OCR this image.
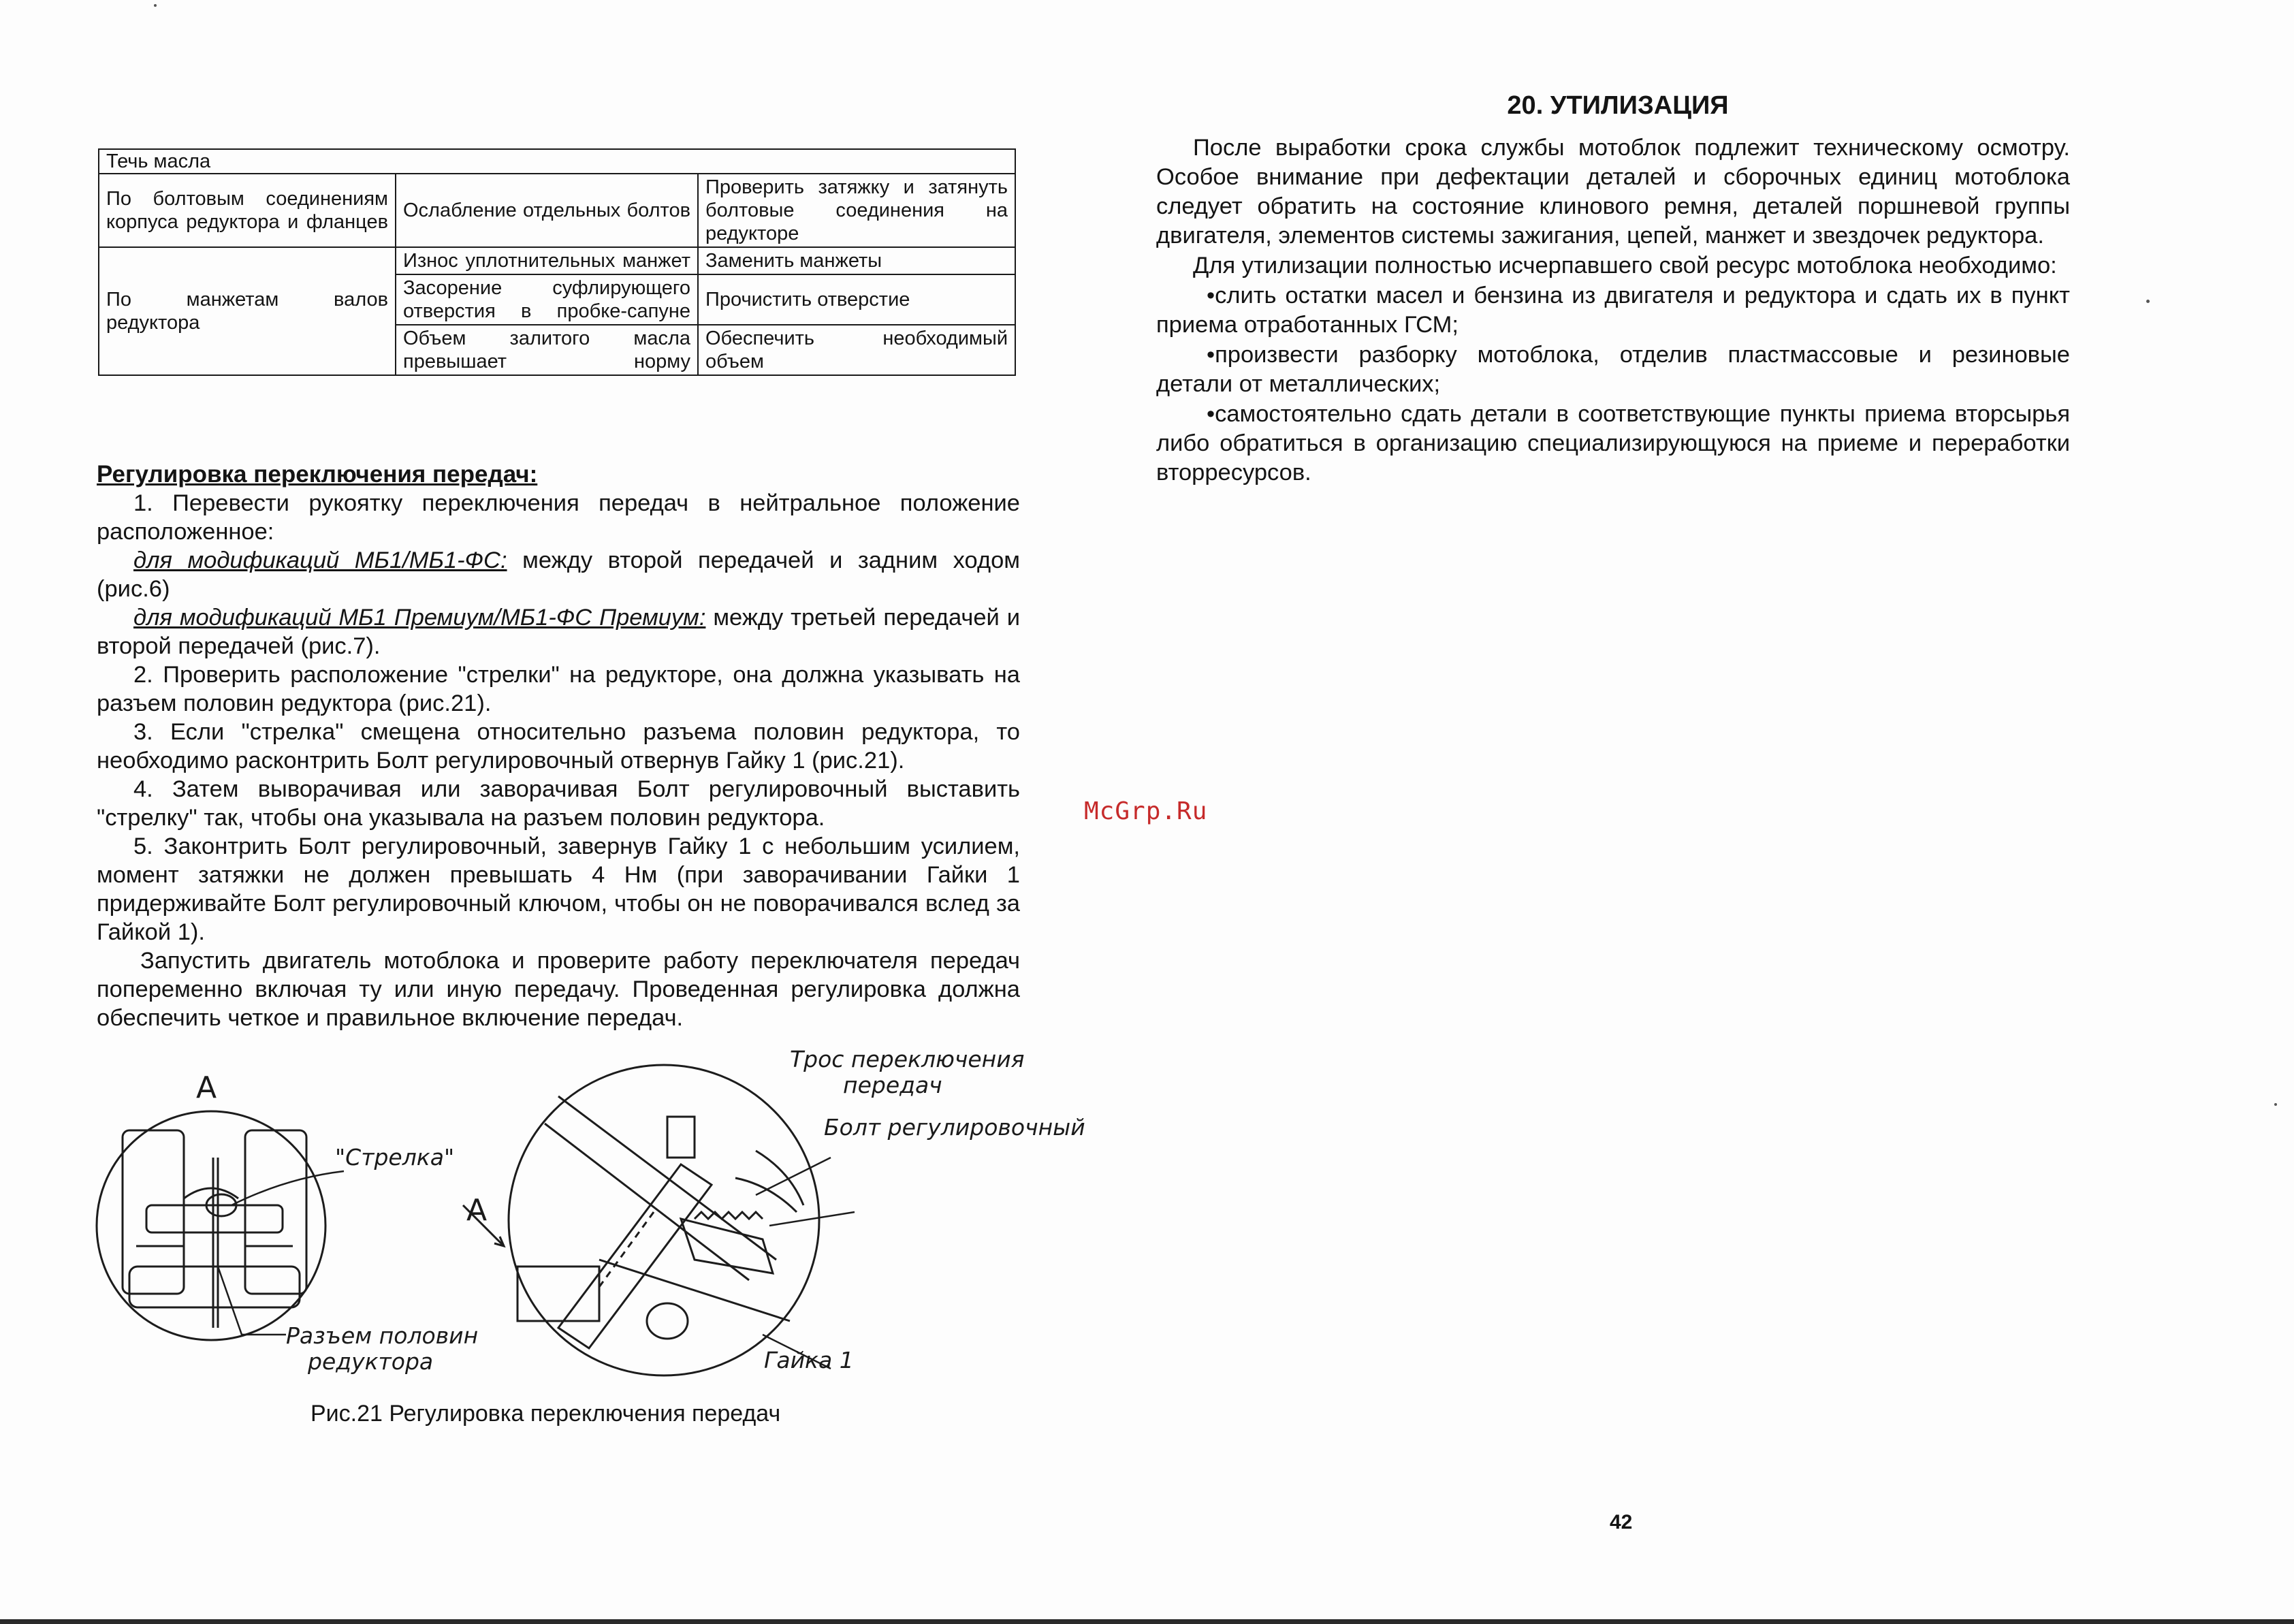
Течь масла		
По болтовым соединениям корпуса редуктора и фланцев	Ослабление отдельных болтов	Проверить затяжку и затянуть болтовые соединения на редукторе
По манжетам валов редуктора	Износ уплотнительных манжет	Заменить манжеты
	Засорение суфлирующего отверстия в пробке-сапуне	Прочистить отверстие
	Объем залитого масла превышает норму	Обеспечить необходимый объем
Регулировка переключения передач:

1. Перевести рукоятку переключения передач в нейтральное положение расположенное:

для модификаций МБ1/МБ1-ФС: между второй передачей и задним ходом (рис.6)

для модификаций МБ1 Премиум/МБ1-ФС Премиум: между третьей передачей и второй передачей (рис.7).

2. Проверить расположение "стрелки" на редукторе, она должна указывать на разъем половин редуктора (рис.21).

3. Если "стрелка" смещена относительно разъема половин редуктора, то необходимо расконтрить Болт регулировочный отвернув Гайку 1 (рис.21).

4. Затем выворачивая или заворачивая Болт регулировочный выставить "стрелку" так, чтобы она указывала на разъем половин редуктора.

5. Законтрить Болт регулировочный, завернув Гайку 1 с небольшим усилием, момент затяжки не должен превышать 4 Нм (при заворачивании Гайки 1 придерживайте Болт регулировочный ключом, чтобы он не поворачивался вслед за Гайкой 1).

Запустить двигатель мотоблока и проверите работу переключателя передач попеременно включая ту или иную передачу. Проведенная регулировка должна обеспечить четкое и правильное включение передач.

А
А
"Стрелка"
Разъем половин
редуктора
Трос переключения
передач
Болт регулировочный
Гайка 1
Рис.21 Регулировка переключения передач
20. УТИЛИЗАЦИЯ

После выработки срока службы мотоблок подлежит техническому осмотру. Особое внимание при дефектации деталей и сборочных единиц мотоблока следует обратить на состояние клинового ремня, деталей поршневой группы двигателя, элементов системы зажигания, цепей, манжет и звездочек редуктора.

Для утилизации полностью исчерпавшего свой ресурс мотоблока необходимо:

•слить остатки масел и бензина из двигателя и редуктора и сдать их в пункт приема отработанных ГСМ;

•произвести разборку мотоблока, отделив пластмассовые и резиновые детали от металлических;

•самостоятельно сдать детали в соответствующие пункты приема вторсырья либо обратиться в организацию специализирующуюся на приеме и переработки вторресурсов.

McGrp.Ru
42
